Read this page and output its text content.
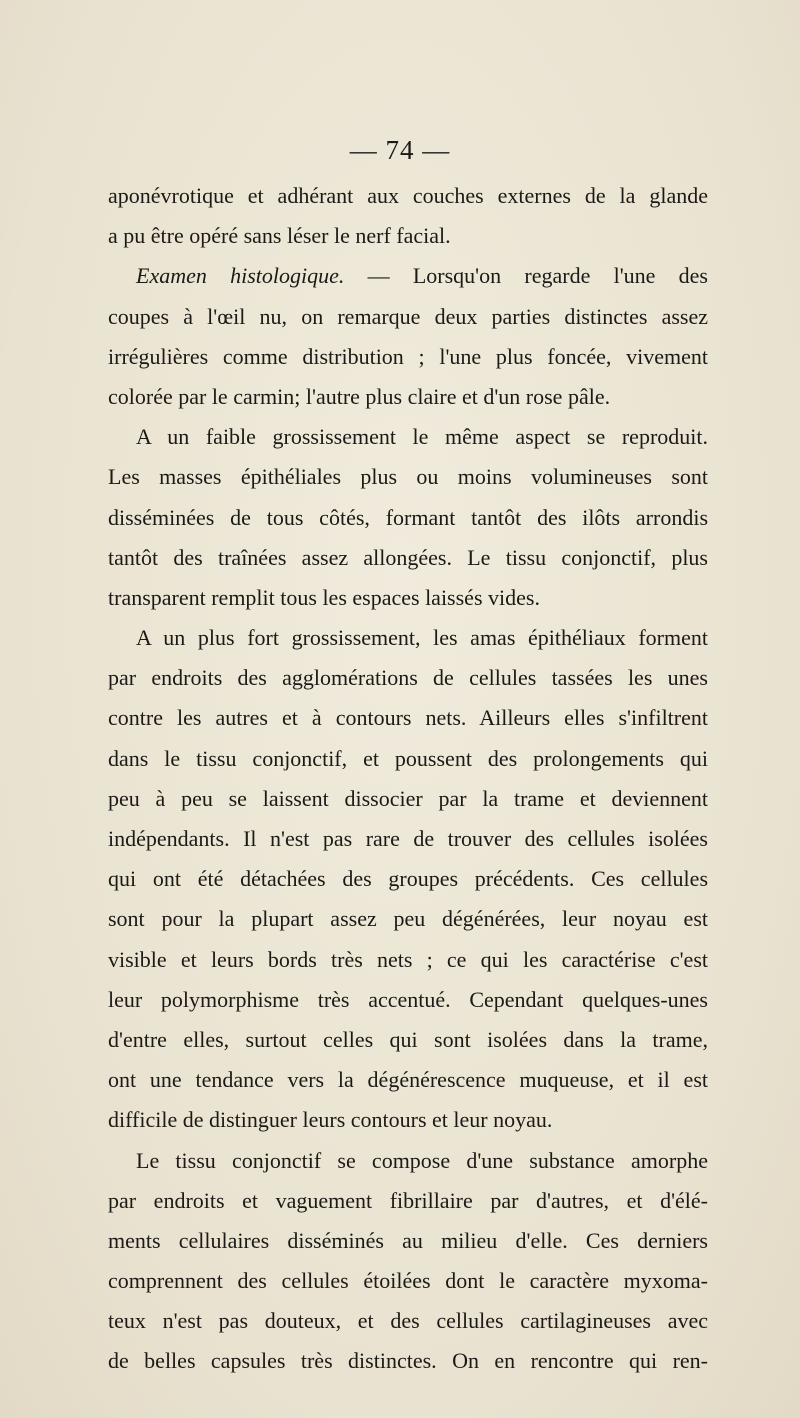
— 74 —
aponévrotique et adhérant aux couches externes de la glande
a pu être opéré sans léser le nerf facial.
Examen histologique. — Lorsqu'on regarde l'une des
coupes à l'œil nu, on remarque deux parties distinctes assez
irrégulières comme distribution ; l'une plus foncée, vivement
colorée par le carmin; l'autre plus claire et d'un rose pâle.
A un faible grossissement le même aspect se reproduit.
Les masses épithéliales plus ou moins volumineuses sont
disséminées de tous côtés, formant tantôt des ilôts arrondis
tantôt des traînées assez allongées. Le tissu conjonctif, plus
transparent remplit tous les espaces laissés vides.
A un plus fort grossissement, les amas épithéliaux forment
par endroits des agglomérations de cellules tassées les unes
contre les autres et à contours nets. Ailleurs elles s'infiltrent
dans le tissu conjonctif, et poussent des prolongements qui
peu à peu se laissent dissocier par la trame et deviennent
indépendants. Il n'est pas rare de trouver des cellules isolées
qui ont été détachées des groupes précédents. Ces cellules
sont pour la plupart assez peu dégénérées, leur noyau est
visible et leurs bords très nets ; ce qui les caractérise c'est
leur polymorphisme très accentué. Cependant quelques-unes
d'entre elles, surtout celles qui sont isolées dans la trame,
ont une tendance vers la dégénérescence muqueuse, et il est
difficile de distinguer leurs contours et leur noyau.
Le tissu conjonctif se compose d'une substance amorphe
par endroits et vaguement fibrillaire par d'autres, et d'élé-
ments cellulaires disséminés au milieu d'elle. Ces derniers
comprennent des cellules étoilées dont le caractère myxoma-
teux n'est pas douteux, et des cellules cartilagineuses avec
de belles capsules très distinctes. On en rencontre qui ren-
